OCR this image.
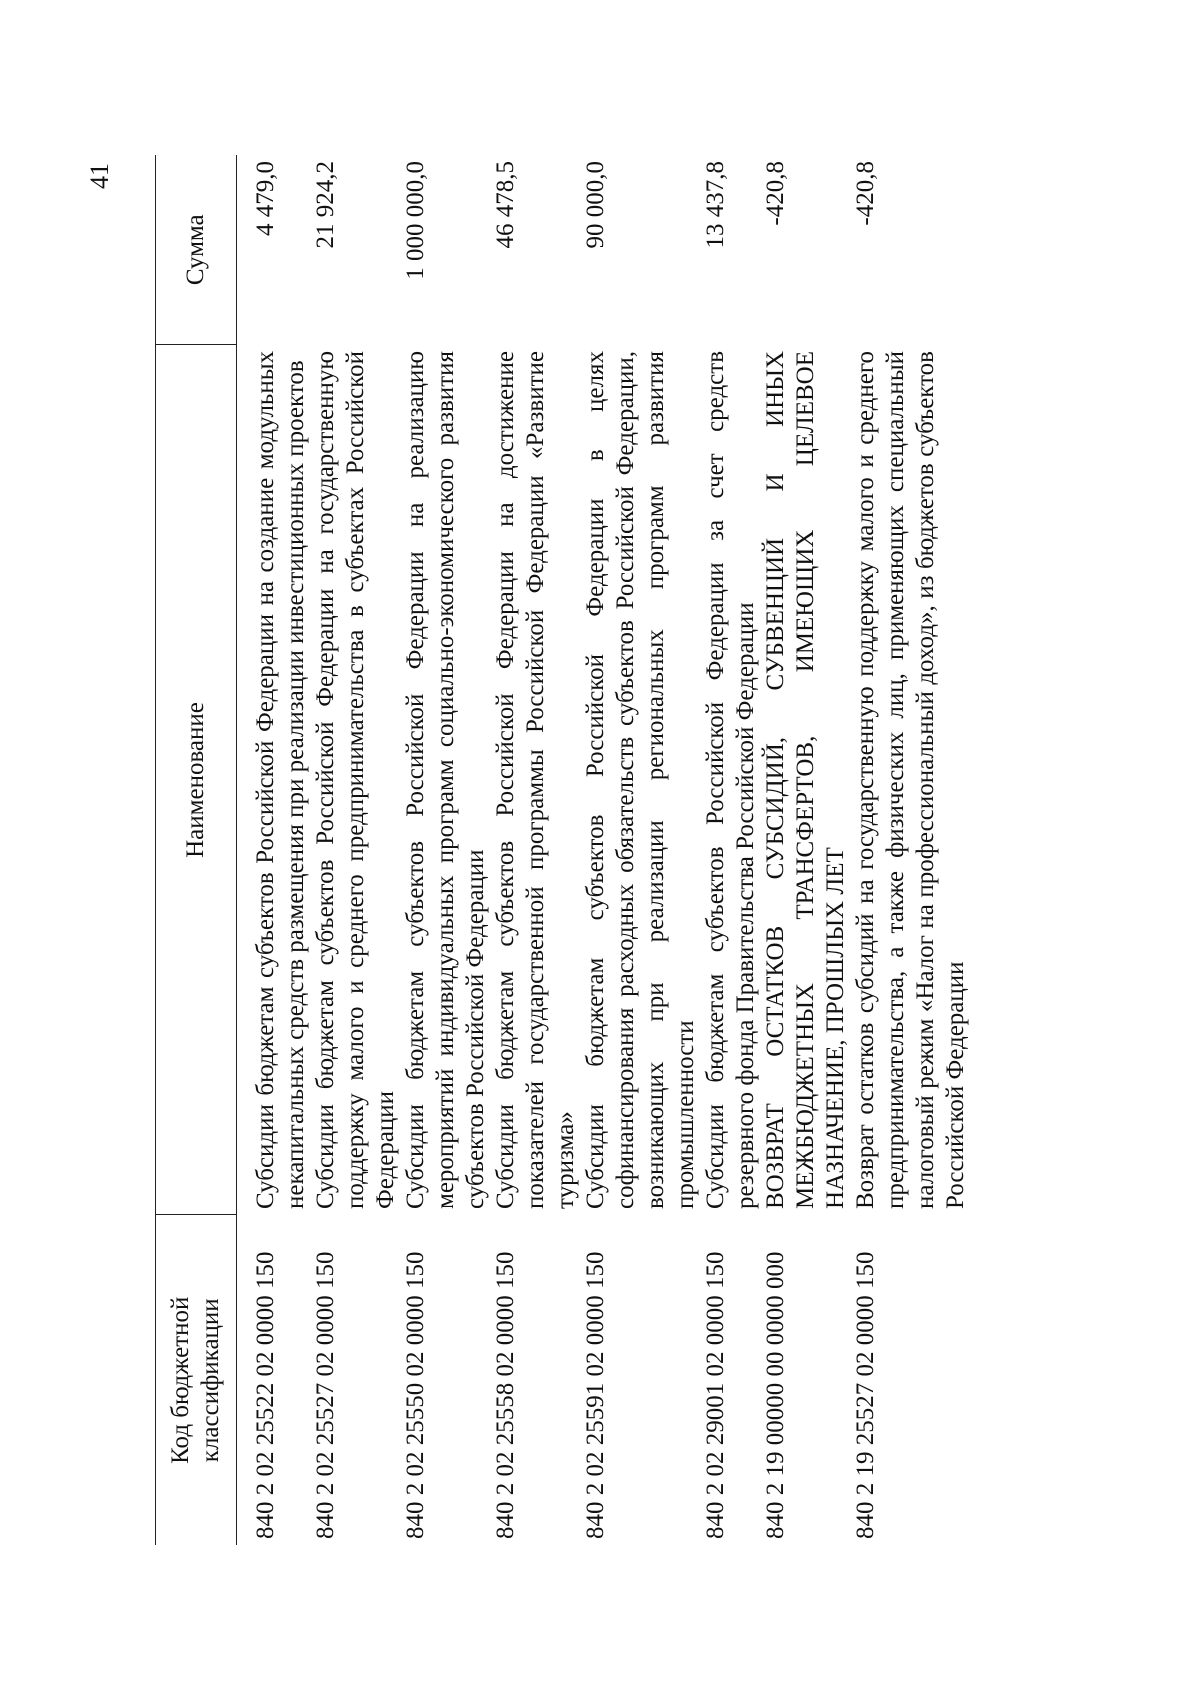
41
Код бюджетной классификации	Наименование	Сумма
840 2 02 25522 02 0000 150	Субсидии бюджетам субъектов Российской Федерации на создание модульных некапитальных средств размещения при реализации инвестиционных проектов	4 479,0
840 2 02 25527 02 0000 150	Субсидии бюджетам субъектов Российской Федерации на государственную поддержку малого и среднего предпринимательства в субъектах Российской Федерации	21 924,2
840 2 02 25550 02 0000 150	Субсидии бюджетам субъектов Российской Федерации на реализацию мероприятий индивидуальных программ социально-экономического развития субъектов Российской Федерации	1 000 000,0
840 2 02 25558 02 0000 150	Субсидии бюджетам субъектов Российской Федерации на достижение показателей государственной программы Российской Федерации «Развитие туризма»	46 478,5
840 2 02 25591 02 0000 150	Субсидии бюджетам субъектов Российской Федерации в целях софинансирования расходных обязательств субъектов Российской Федерации, возникающих при реализации региональных программ развития промышленности	90 000,0
840 2 02 29001 02 0000 150	Субсидии бюджетам субъектов Российской Федерации за счет средств резервного фонда Правительства Российской Федерации	13 437,8
840 2 19 00000 00 0000 000	ВОЗВРАТ ОСТАТКОВ СУБСИДИЙ, СУБВЕНЦИЙ И ИНЫХ МЕЖБЮДЖЕТНЫХ ТРАНСФЕРТОВ, ИМЕЮЩИХ ЦЕЛЕВОЕ НАЗНАЧЕНИЕ, ПРОШЛЫХ ЛЕТ	-420,8
840 2 19 25527 02 0000 150	Возврат остатков субсидий на государственную поддержку малого и среднего предпринимательства, а также физических лиц, применяющих специальный налоговый режим «Налог на профессиональный доход», из бюджетов субъектов Российской Федерации	-420,8
